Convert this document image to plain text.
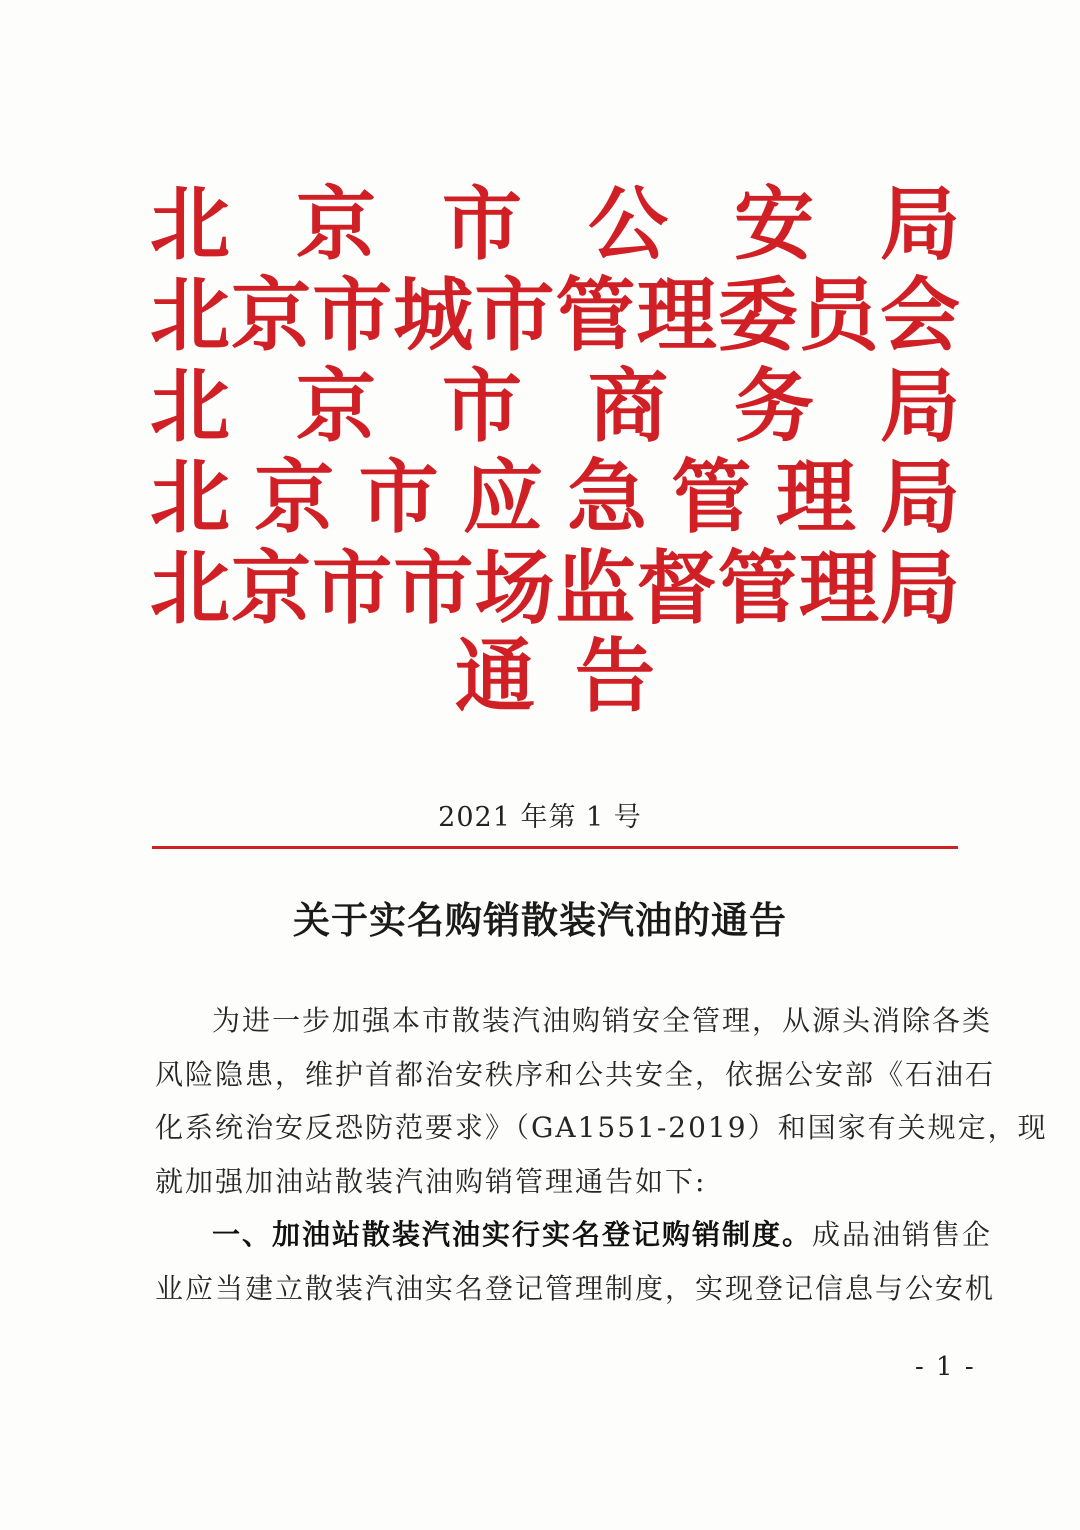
北 京 市 公 安 局
北 京 市 城 市 管 理 委 员 会
北 京 市 商 务 局
北 京 市 应 急 管 理 局
北 京 市 市 场 监 督 管 理 局
通 告
2021 年第 1 号
关于实名购销散装汽油的通告
为进一步加强本市散装汽油购销安全管理，从源头消除各类
风险隐患，维护首都治安秩序和公共安全，依据公安部《石油石
化系统治安反恐防范要求》（GA1551-2019）和国家有关规定，现
就加强加油站散装汽油购销管理通告如下:
一、加油站散装汽油实行实名登记购销制度。成品油销售企
业应当建立散装汽油实名登记管理制度，实现登记信息与公安机
- 1 -
